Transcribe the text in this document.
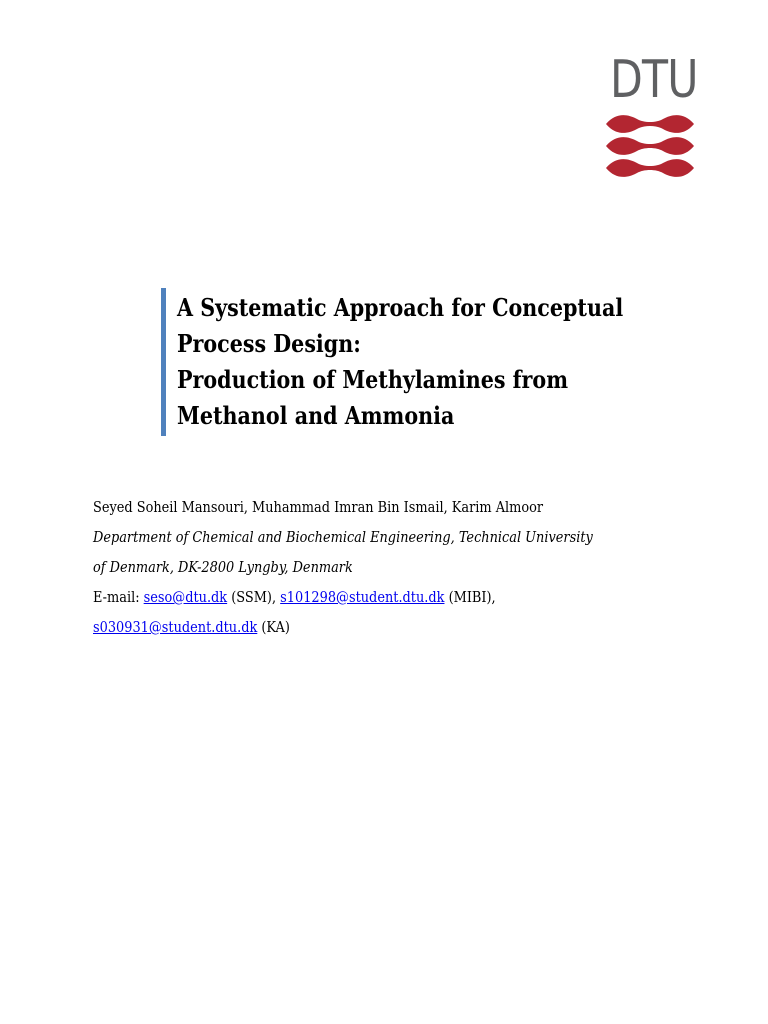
DTU
A Systematic Approach for Conceptual
Process Design:
Production of Methylamines from
Methanol and Ammonia
Seyed Soheil Mansouri, Muhammad Imran Bin Ismail, Karim Almoor
Department of Chemical and Biochemical Engineering, Technical University
of Denmark, DK-2800 Lyngby, Denmark
E-mail: seso@dtu.dk (SSM), s101298@student.dtu.dk (MIBI),
s030931@student.dtu.dk (KA)
